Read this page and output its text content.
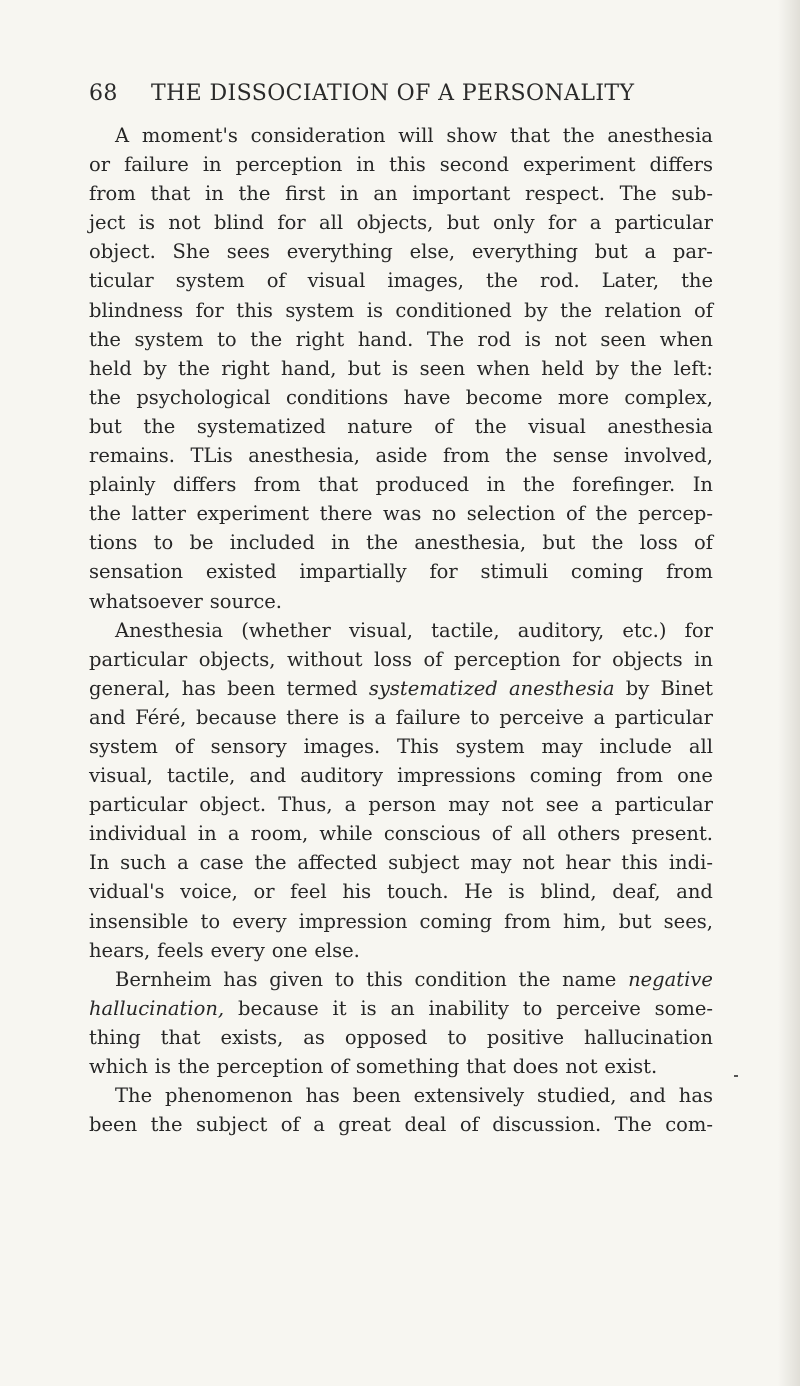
68 THE DISSOCIATION OF A PERSONALITY
A moment's consideration will show that the anesthesia
or failure in perception in this second experiment differs
from that in the first in an important respect. The sub-
ject is not blind for all objects, but only for a particular
object. She sees everything else, everything but a par-
ticular system of visual images, the rod. Later, the
blindness for this system is conditioned by the relation of
the system to the right hand. The rod is not seen when
held by the right hand, but is seen when held by the left:
the psychological conditions have become more complex,
but the systematized nature of the visual anesthesia
remains. TLis anesthesia, aside from the sense involved,
plainly differs from that produced in the forefinger. In
the latter experiment there was no selection of the percep-
tions to be included in the anesthesia, but the loss of
sensation existed impartially for stimuli coming from
whatsoever source.
Anesthesia (whether visual, tactile, auditory, etc.) for
particular objects, without loss of perception for objects in
general, has been termed systematized anesthesia by Binet
and Féré, because there is a failure to perceive a particular
system of sensory images. This system may include all
visual, tactile, and auditory impressions coming from one
particular object. Thus, a person may not see a particular
individual in a room, while conscious of all others present.
In such a case the affected subject may not hear this indi-
vidual's voice, or feel his touch. He is blind, deaf, and
insensible to every impression coming from him, but sees,
hears, feels every one else.
Bernheim has given to this condition the name negative
hallucination, because it is an inability to perceive some-
thing that exists, as opposed to positive hallucination
which is the perception of something that does not exist.
The phenomenon has been extensively studied, and has
been the subject of a great deal of discussion. The com-
